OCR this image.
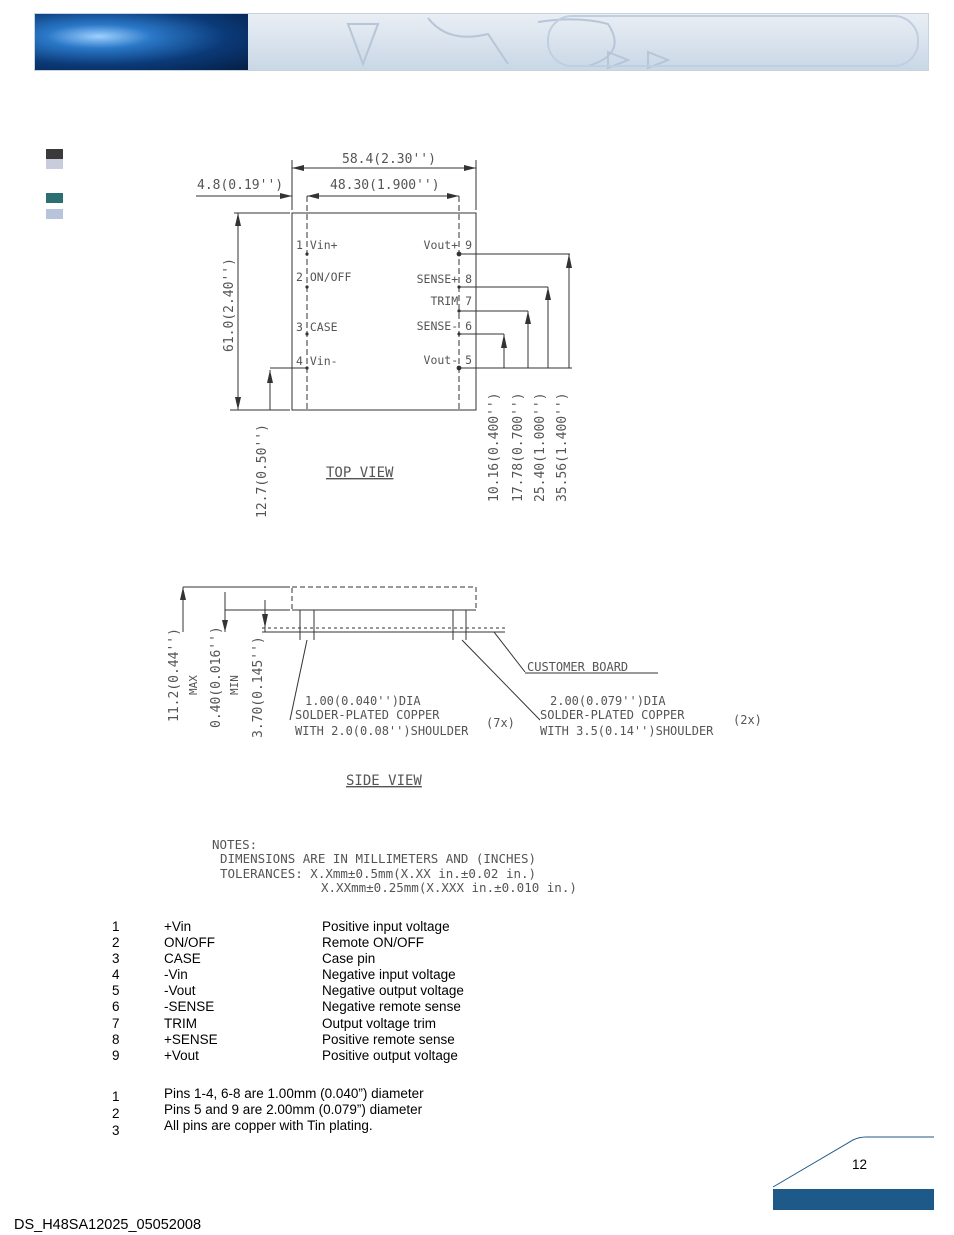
58.4(2.30'')
4.8(0.19'')	48.30(1.900'')
61.0(2.40'')
12.7(0.50'')	10.16(0.400'') 17.78(0.700'') 25.40(1.000'') 35.56(1.400'')
1 Vin+
2 ON/OFF
3 CASE
4 Vin-
Vout+ 9
SENSE+ 8
TRIM 7
SENSE- 6
Vout- 5
TOP VIEW
11.2(0.44'') MAX 0.40(0.016'') MIN 3.70(0.145'')	CUSTOMER BOARD
1.00(0.040'')DIA
SOLDER-PLATED COPPER
WITH 2.0(0.08'')SHOULDER
(7x)
2.00(0.079'')DIA
SOLDER-PLATED COPPER
WITH 3.5(0.14'')SHOULDER
(2x)
SIDE VIEW
NOTES:
DIMENSIONS ARE IN MILLIMETERS AND (INCHES)
TOLERANCES: X.Xmm±0.5mm(X.XX in.±0.02 in.)
X.XXmm±0.25mm(X.XXX in.±0.010 in.)
1	+Vin	Positive input voltage
2	ON/OFF	Remote ON/OFF
3	CASE	Case pin
4	-Vin	Negative input voltage
5	-Vout	Negative output voltage
6	-SENSE	Negative remote sense
7	TRIM	Output voltage trim
8	+SENSE	Positive remote sense
9	+Vout	Positive output voltage
1	Pins 1-4, 6-8 are 1.00mm (0.040”) diameter
2	Pins 5 and 9 are 2.00mm (0.079”) diameter
3	All pins are copper with Tin plating.
12
DS_H48SA12025_05052008
